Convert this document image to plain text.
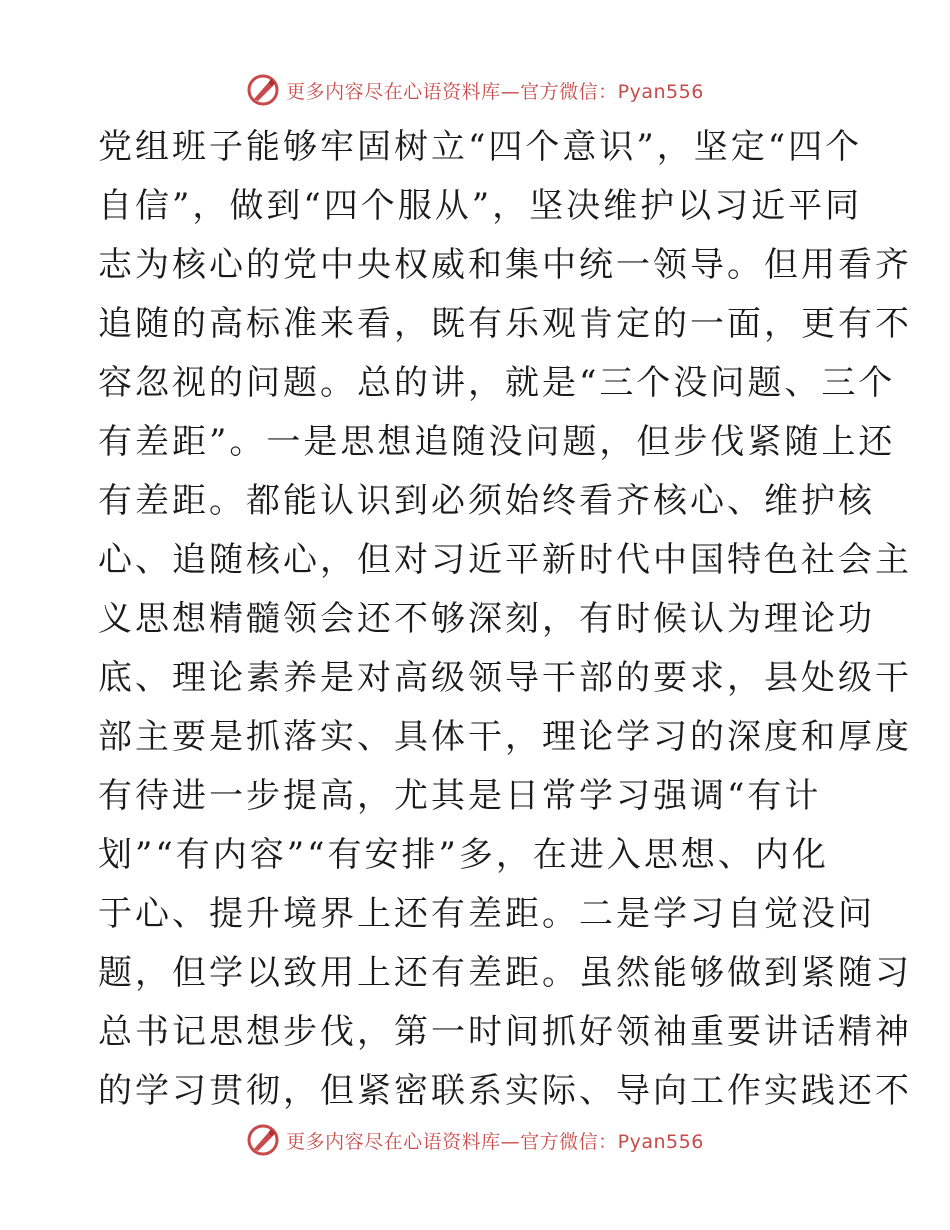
更多内容尽在心语资料库—官方微信：Pyan556
党组班子能够牢固树立“四个意识”，坚定“四个
自信”，做到“四个服从”，坚决维护以习近平同
志为核心的党中央权威和集中统一领导。但用看齐
追随的高标准来看，既有乐观肯定的一面，更有不
容忽视的问题。总的讲，就是“三个没问题、三个
有差距”。一是思想追随没问题，但步伐紧随上还
有差距。都能认识到必须始终看齐核心、维护核
心、追随核心，但对习近平新时代中国特色社会主
义思想精髓领会还不够深刻，有时候认为理论功
底、理论素养是对高级领导干部的要求，县处级干
部主要是抓落实、具体干，理论学习的深度和厚度
有待进一步提高，尤其是日常学习强调“有计
划”“有内容”“有安排”多，在进入思想、内化
于心、提升境界上还有差距。二是学习自觉没问
题，但学以致用上还有差距。虽然能够做到紧随习
总书记思想步伐，第一时间抓好领袖重要讲话精神
的学习贯彻，但紧密联系实际、导向工作实践还不
更多内容尽在心语资料库—官方微信：Pyan556
